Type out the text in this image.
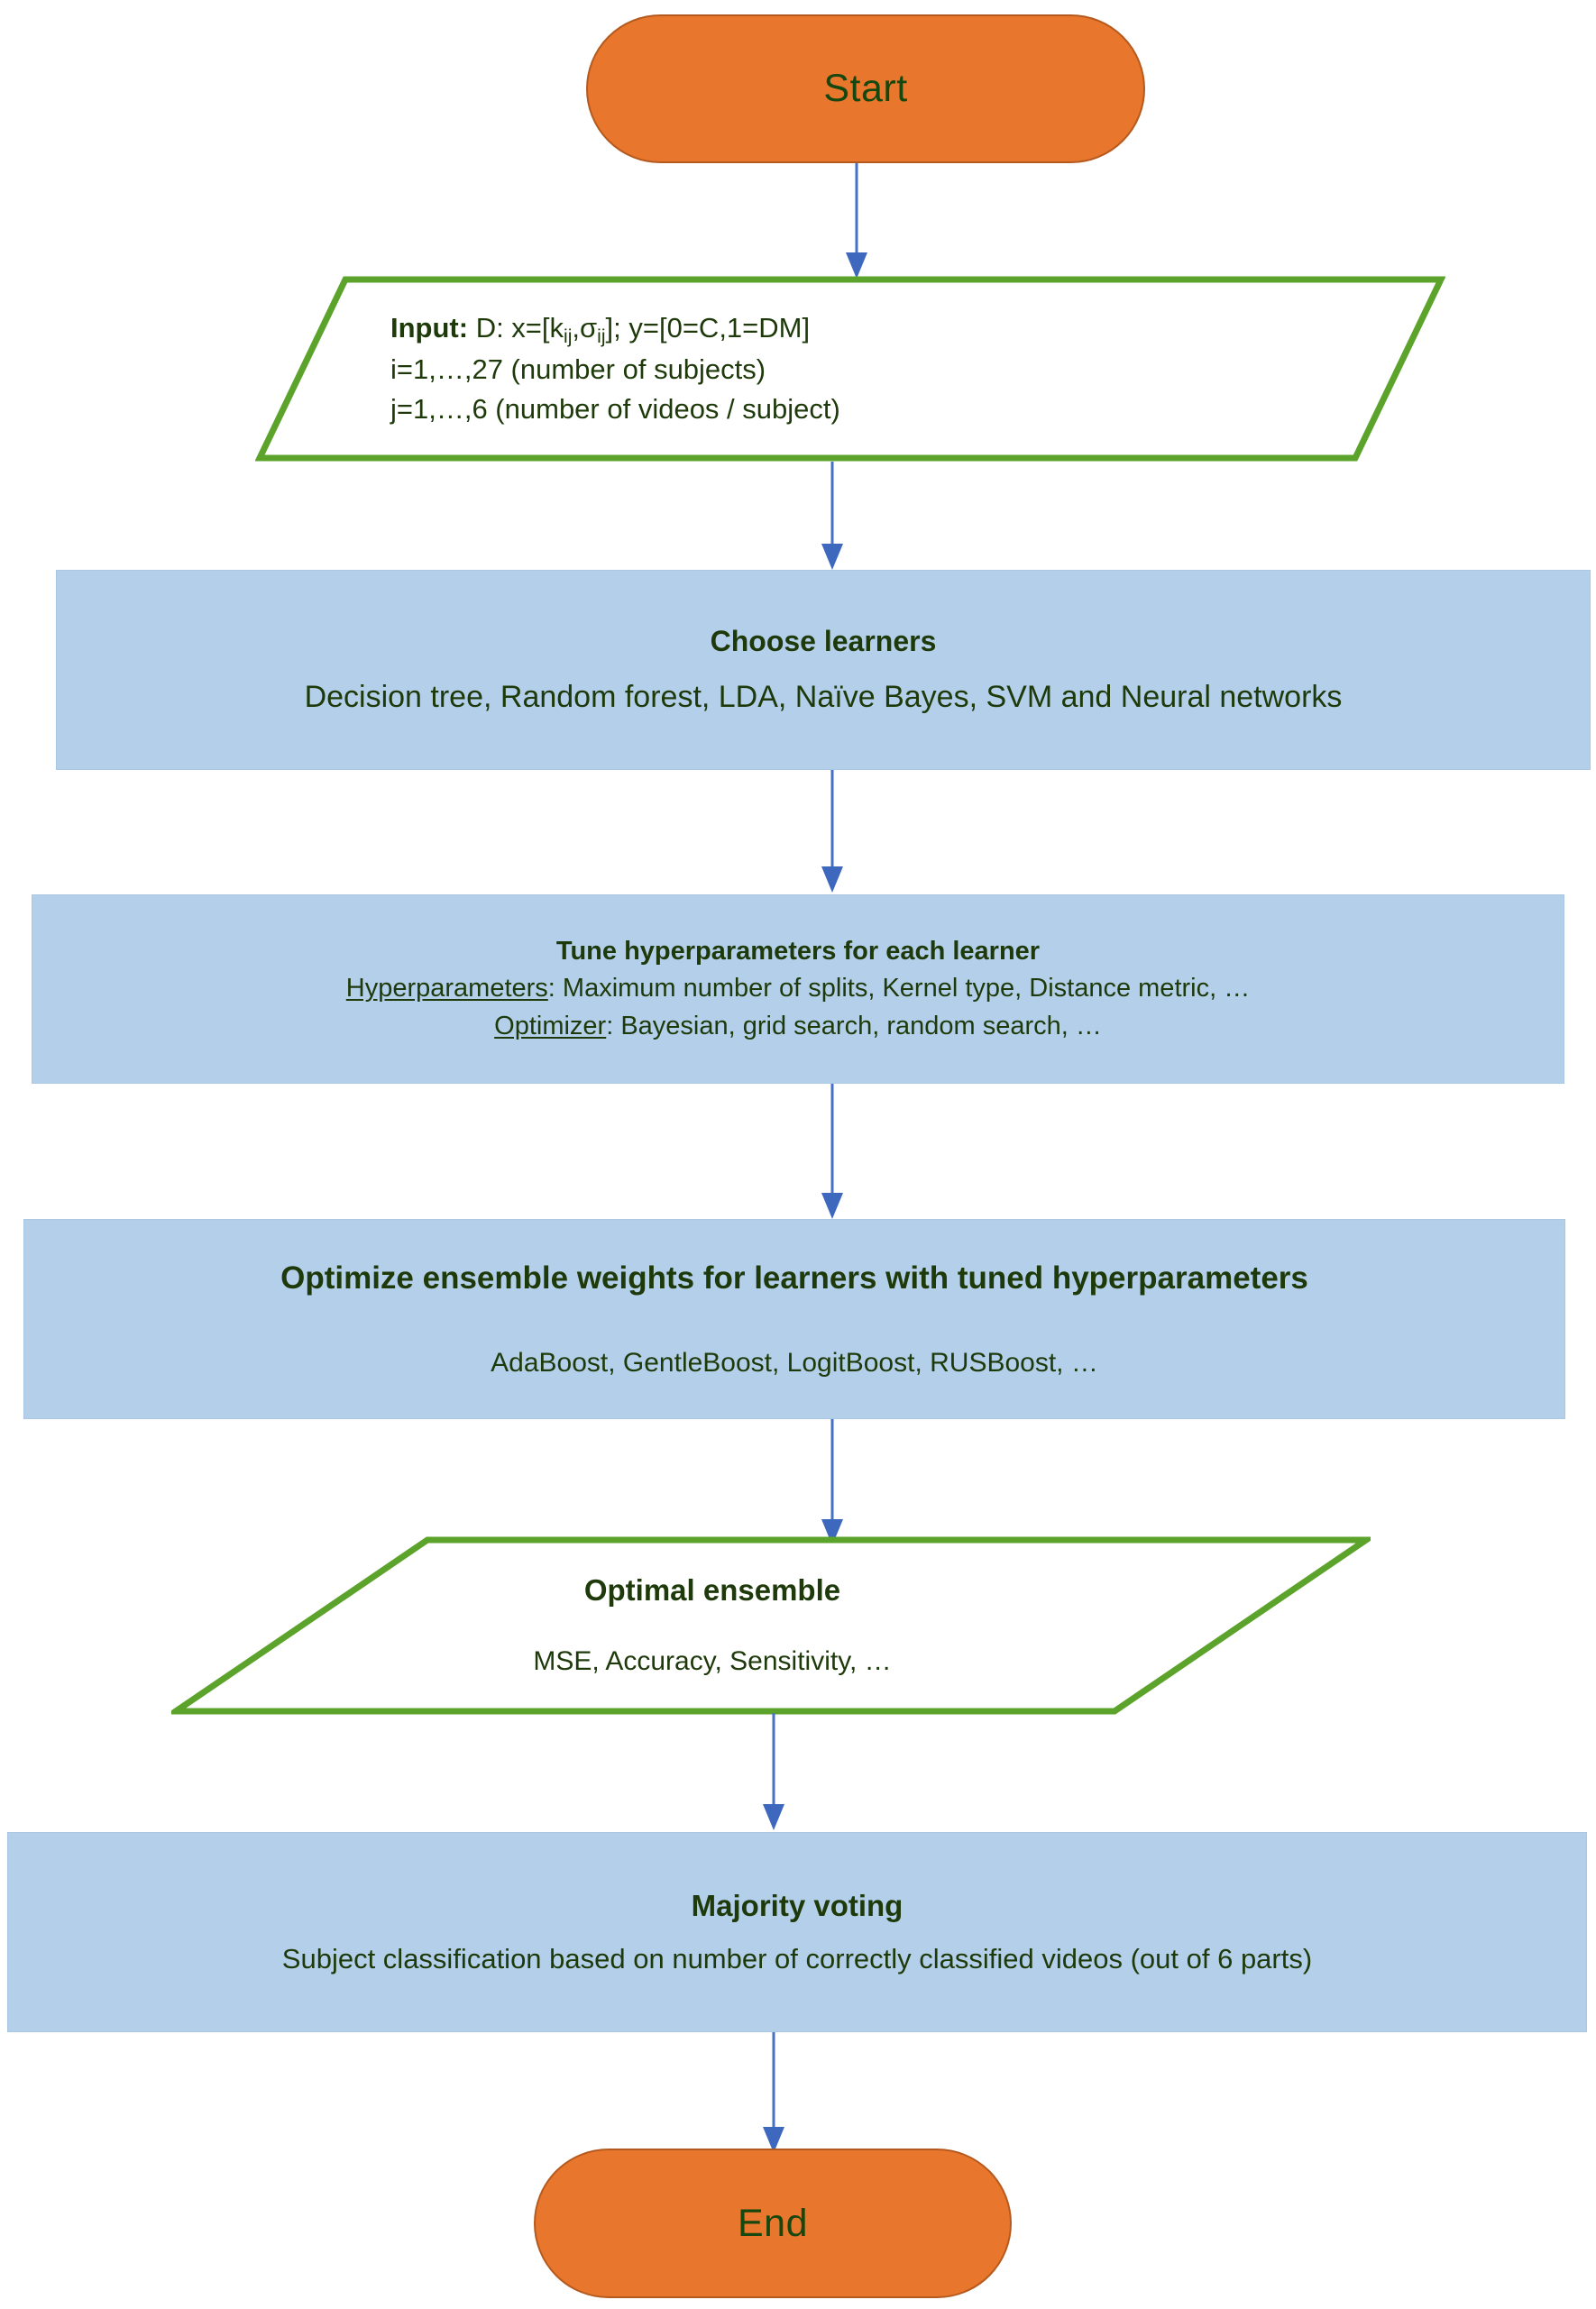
Start
Input: D: $x=[k_{ij},\sigma_{ij}]$; y=[0=C,1=DM]
i=1,…,27 (number of subjects)
j=1,…,6 (number of videos / subject)
Choose learners
Decision tree, Random forest, LDA, Naïve Bayes, SVM and Neural networks
Tune hyperparameters for each learner
Hyperparameters: Maximum number of splits, Kernel type, Distance metric, …
Optimizer: Bayesian, grid search, random search, …
Optimize ensemble weights for learners with tuned hyperparameters
AdaBoost, GentleBoost, LogitBoost, RUSBoost, …
Optimal ensemble
MSE, Accuracy, Sensitivity, …
Majority voting
Subject classification based on number of correctly classified videos (out of 6 parts)
End
